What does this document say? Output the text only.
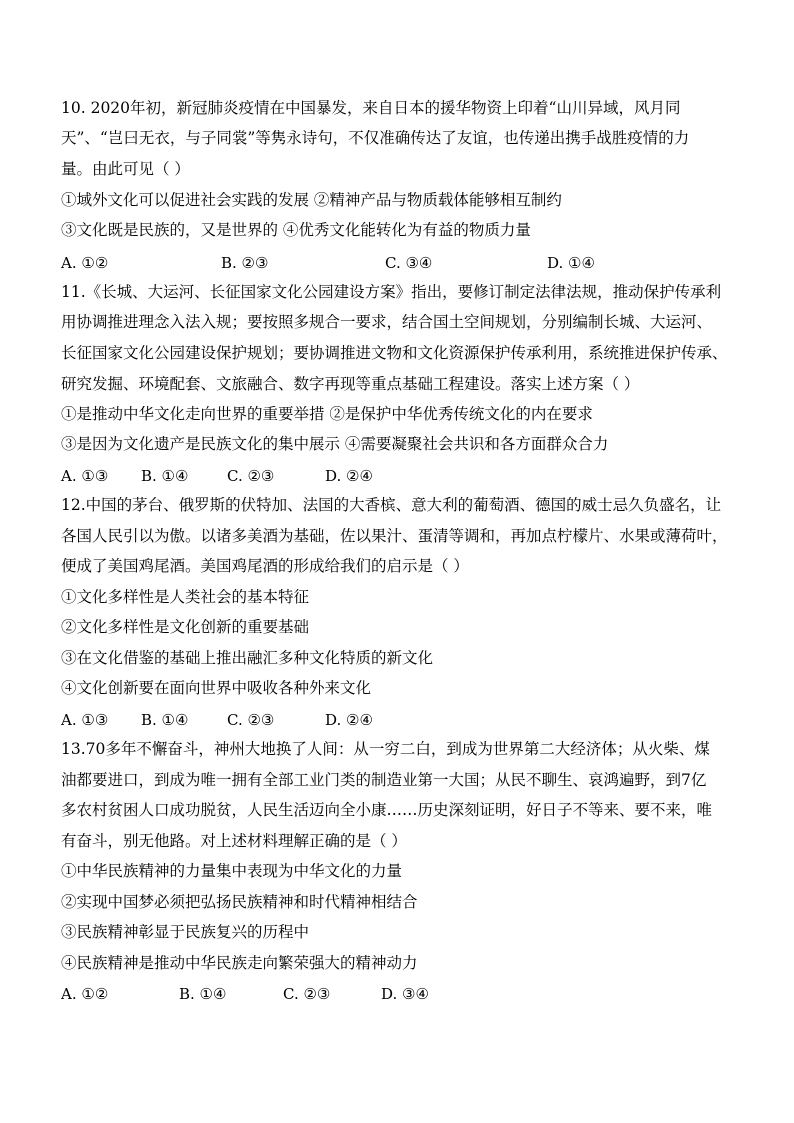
10. 2020年初，新冠肺炎疫情在中国暴发，来自日本的援华物资上印着“山川异域，风月同
天”、“岂曰无衣，与子同裳”等隽永诗句，不仅准确传达了友谊，也传递出携手战胜疫情的力
量。由此可见（ ）
①域外文化可以促进社会实践的发展 ②精神产品与物质载体能够相互制约
③文化既是民族的，又是世界的 ④优秀文化能转化为有益的物质力量
A. ①②	B. ②③	C. ③④	D. ①④
11.《长城、大运河、长征国家文化公园建设方案》指出，要修订制定法律法规，推动保护传承利
用协调推进理念入法入规；要按照多规合一要求，结合国土空间规划，分别编制长城、大运河、
长征国家文化公园建设保护规划；要协调推进文物和文化资源保护传承利用，系统推进保护传承、
研究发掘、环境配套、文旅融合、数字再现等重点基础工程建设。落实上述方案（ ）
①是推动中华文化走向世界的重要举措 ②是保护中华优秀传统文化的内在要求
③是因为文化遗产是民族文化的集中展示 ④需要凝聚社会共识和各方面群众合力
A. ①③ B. ①④	C. ②③	D. ②④
12.中国的茅台、俄罗斯的伏特加、法国的大香槟、意大利的葡萄酒、德国的威士忌久负盛名，让
各国人民引以为傲。以诸多美酒为基础，佐以果汁、蛋清等调和，再加点柠檬片、水果或薄荷叶，
便成了美国鸡尾酒。美国鸡尾酒的形成给我们的启示是（ ）
①文化多样性是人类社会的基本特征
②文化多样性是文化创新的重要基础
③在文化借鉴的基础上推出融汇多种文化特质的新文化
④文化创新要在面向世界中吸收各种外来文化
A. ①③ B. ①④	C. ②③	D. ②④
13.70多年不懈奋斗，神州大地换了人间：从一穷二白，到成为世界第二大经济体；从火柴、煤
油都要进口，到成为唯一拥有全部工业门类的制造业第一大国；从民不聊生、哀鸿遍野，到7亿
多农村贫困人口成功脱贫，人民生活迈向全小康……历史深刻证明，好日子不等来、要不来，唯
有奋斗，别无他路。对上述材料理解正确的是（ ）
①中华民族精神的力量集中表现为中华文化的力量
②实现中国梦必须把弘扬民族精神和时代精神相结合
③民族精神彰显于民族复兴的历程中
④民族精神是推动中华民族走向繁荣强大的精神动力
A. ①②	B. ①④	C. ②③	D. ③④
